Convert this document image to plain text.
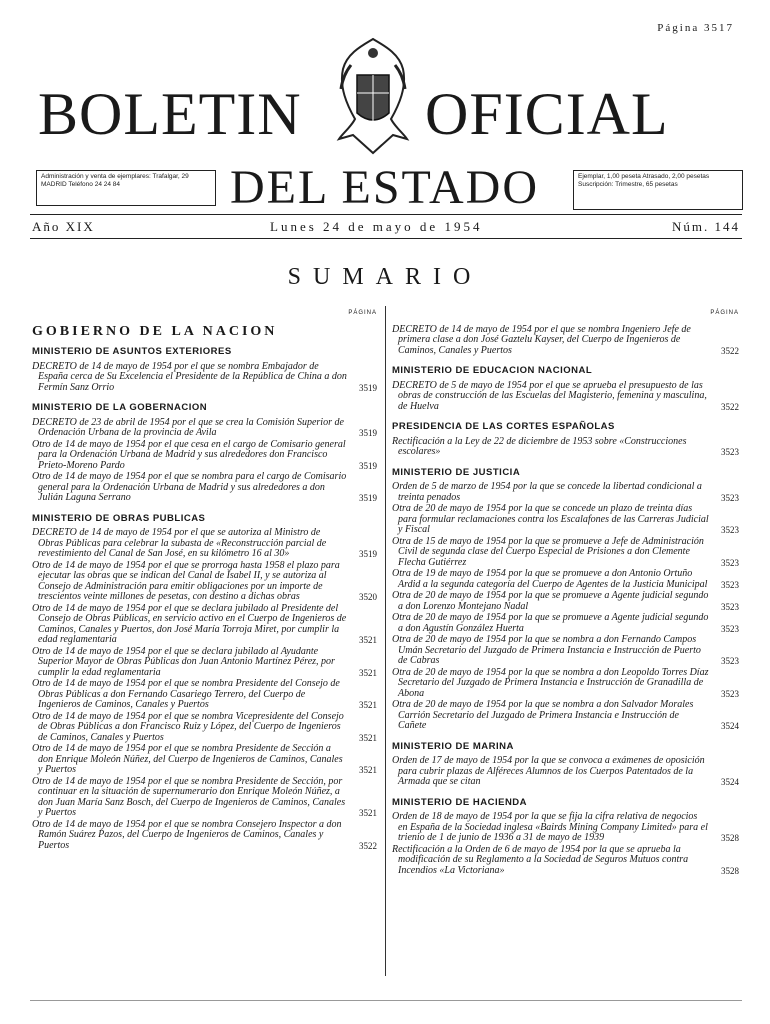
Página 3517
BOLETIN OFICIAL
DEL ESTADO
Administración y venta de ejemplares: Trafalgar, 29 MADRID Teléfono 24 24 84
Ejemplar, 1,00 peseta Atrasado, 2,00 pesetas Suscripción: Trimestre, 65 pesetas
Año XIX	Lunes 24 de mayo de 1954	Núm. 144
SUMARIO
PÁGINA
GOBIERNO DE LA NACION
MINISTERIO DE ASUNTOS EXTERIORES
DECRETO de 14 de mayo de 1954 por el que se nombra Embajador de España cerca de Su Excelencia el Presidente de la República de China a don Fermín Sanz Orrio	3519
MINISTERIO DE LA GOBERNACION
DECRETO de 23 de abril de 1954 por el que se crea la Comisión Superior de Ordenación Urbana de la provincia de Avila	3519
Otro de 14 de mayo de 1954 por el que cesa en el cargo de Comisario general para la Ordenación Urbana de Madrid y sus alrededores don Francisco Prieto-Moreno Pardo	3519
Otro de 14 de mayo de 1954 por el que se nombra para el cargo de Comisario general para la Ordenación Urbana de Madrid y sus alrededores a don Julián Laguna Serrano	3519
MINISTERIO DE OBRAS PUBLICAS
DECRETO de 14 de mayo de 1954 por el que se autoriza al Ministro de Obras Públicas para celebrar la subasta de «Reconstrucción parcial de revestimiento del Canal de San José, en su kilómetro 16 al 30»	3519
Otro de 14 de mayo de 1954 por el que se prorroga hasta 1958 el plazo para ejecutar las obras que se indican del Canal de Isabel II, y se autoriza al Consejo de Administración para emitir obligaciones por un importe de trescientos veinte millones de pesetas, con destino a dichas obras	3520
Otro de 14 de mayo de 1954 por el que se declara jubilado al Presidente del Consejo de Obras Públicas, en servicio activo en el Cuerpo de Ingenieros de Caminos, Canales y Puertos, don José María Torroja Miret, por cumplir la edad reglamentaria	3521
Otro de 14 de mayo de 1954 por el que se declara jubilado al Ayudante Superior Mayor de Obras Públicas don Juan Antonio Martínez Pérez, por cumplir la edad reglamentaria	3521
Otro de 14 de mayo de 1954 por el que se nombra Presidente del Consejo de Obras Públicas a don Fernando Casariego Terrero, del Cuerpo de Ingenieros de Caminos, Canales y Puertos	3521
Otro de 14 de mayo de 1954 por el que se nombra Vicepresidente del Consejo de Obras Públicas a don Francisco Ruiz y López, del Cuerpo de Ingenieros de Caminos, Canales y Puertos	3521
Otro de 14 de mayo de 1954 por el que se nombra Presidente de Sección a don Enrique Moleón Núñez, del Cuerpo de Ingenieros de Caminos, Canales y Puertos	3521
Otro de 14 de mayo de 1954 por el que se nombra Presidente de Sección, por continuar en la situación de supernumerario don Enrique Moleón Núñez, a don Juan María Sanz Bosch, del Cuerpo de Ingenieros de Caminos, Canales y Puertos	3521
Otro de 14 de mayo de 1954 por el que se nombra Consejero Inspector a don Ramón Suárez Pazos, del Cuerpo de Ingenieros de Caminos, Canales y Puertos	3522
PÁGINA
DECRETO de 14 de mayo de 1954 por el que se nombra Ingeniero Jefe de primera clase a don José Gaztelu Kayser, del Cuerpo de Ingenieros de Caminos, Canales y Puertos	3522
MINISTERIO DE EDUCACION NACIONAL
DECRETO de 5 de mayo de 1954 por el que se aprueba el presupuesto de las obras de construcción de las Escuelas del Magisterio, femenina y masculina, de Huelva	3522
PRESIDENCIA DE LAS CORTES ESPAÑOLAS
Rectificación a la Ley de 22 de diciembre de 1953 sobre «Construcciones escolares»	3523
MINISTERIO DE JUSTICIA
Orden de 5 de marzo de 1954 por la que se concede la libertad condicional a treinta penados	3523
Otra de 20 de mayo de 1954 por la que se concede un plazo de treinta días para formular reclamaciones contra los Escalafones de las Carreras Judicial y Fiscal	3523
Otra de 15 de mayo de 1954 por la que se promueve a Jefe de Administración Civil de segunda clase del Cuerpo Especial de Prisiones a don Clemente Flecha Gutiérrez	3523
Otra de 19 de mayo de 1954 por la que se promueve a don Antonio Ortuño Ardid a la segunda categoría del Cuerpo de Agentes de la Justicia Municipal	3523
Otra de 20 de mayo de 1954 por la que se promueve a Agente judicial segundo a don Lorenzo Montejano Nadal	3523
Otra de 20 de mayo de 1954 por la que se promueve a Agente judicial segundo a don Agustín González Huerta	3523
Otra de 20 de mayo de 1954 por la que se nombra a don Fernando Campos Umán Secretario del Juzgado de Primera Instancia e Instrucción de Puerto de Cabras	3523
Otra de 20 de mayo de 1954 por la que se nombra a don Leopoldo Torres Díaz Secretario del Juzgado de Primera Instancia e Instrucción de Granadilla de Abona	3523
Otra de 20 de mayo de 1954 por la que se nombra a don Salvador Morales Carrión Secretario del Juzgado de Primera Instancia e Instrucción de Cañete	3524
MINISTERIO DE MARINA
Orden de 17 de mayo de 1954 por la que se convoca a exámenes de oposición para cubrir plazas de Alféreces Alumnos de los Cuerpos Patentados de la Armada que se citan	3524
MINISTERIO DE HACIENDA
Orden de 18 de mayo de 1954 por la que se fija la cifra relativa de negocios en España de la Sociedad inglesa «Bairds Mining Company Limited» para el trienio de 1 de junio de 1936 a 31 de mayo de 1939	3528
Rectificación a la Orden de 6 de mayo de 1954 por la que se aprueba la modificación de su Reglamento a la Sociedad de Seguros Mutuos contra Incendios «La Victoriana»	3528
